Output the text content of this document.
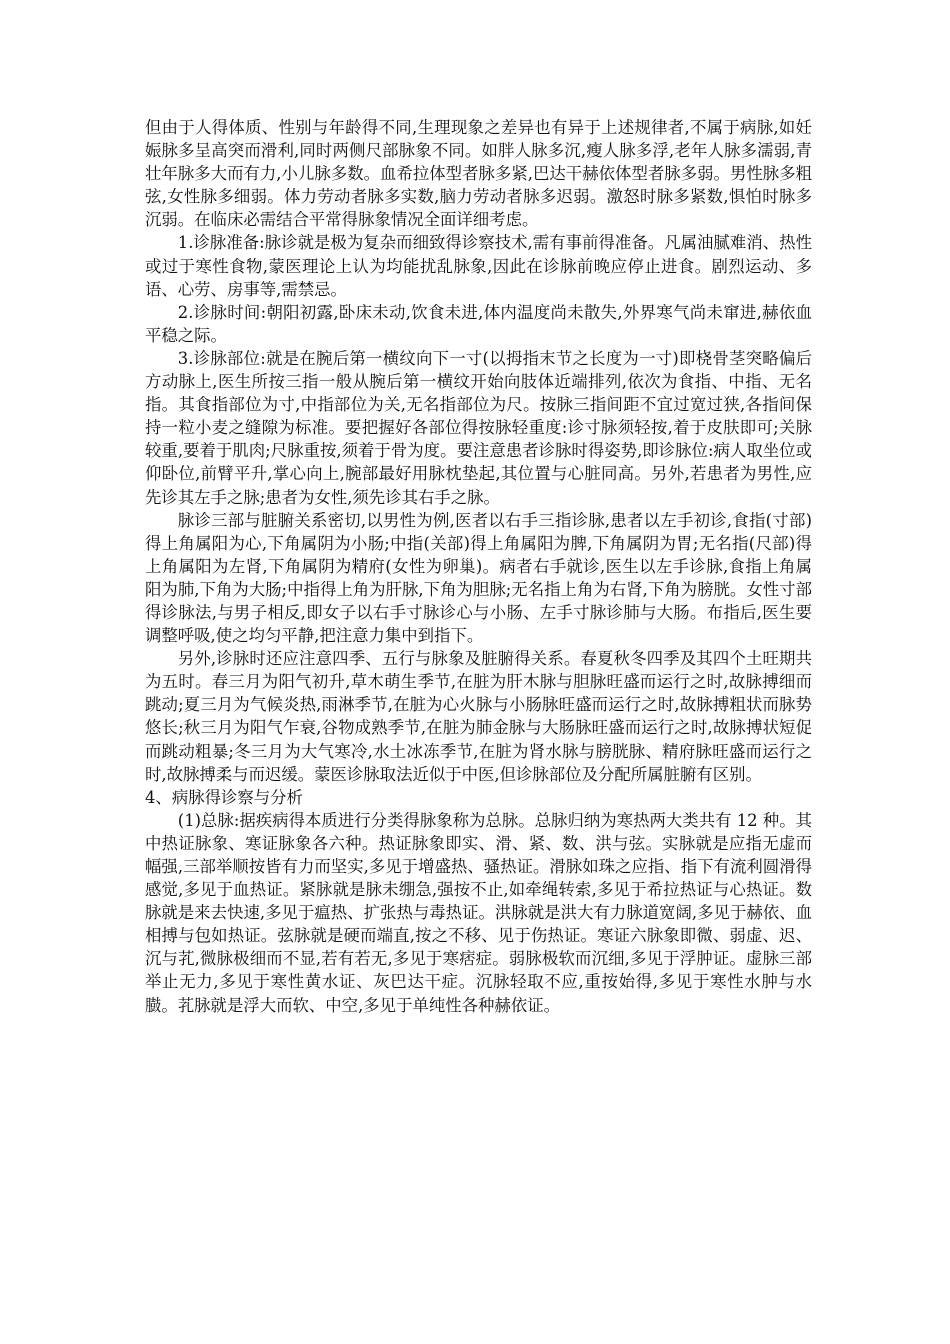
但由于人得体质、性别与年龄得不同,生理现象之差异也有异于上述规律者,不属于病脉,如妊娠脉多呈高突而滑利,同时两侧尺部脉象不同。如胖人脉多沉,瘦人脉多浮,老年人脉多濡弱,青壮年脉多大而有力,小儿脉多数。血希拉体型者脉多紧,巴达干赫依体型者脉多弱。男性脉多粗弦,女性脉多细弱。体力劳动者脉多实数,脑力劳动者脉多迟弱。激怒时脉多紧数,惧怕时脉多沉弱。在临床必需结合平常得脉象情况全面详细考虑。

1.诊脉准备:脉诊就是极为复杂而细致得诊察技术,需有事前得准备。凡属油腻难消、热性或过于寒性食物,蒙医理论上认为均能扰乱脉象,因此在诊脉前晚应停止进食。剧烈运动、多语、心劳、房事等,需禁忌。

2.诊脉时间:朝阳初露,卧床未动,饮食未进,体内温度尚未散失,外界寒气尚未窜进,赫依血平稳之际。

3.诊脉部位:就是在腕后第一横纹向下一寸(以拇指末节之长度为一寸)即桡骨茎突略偏后方动脉上,医生所按三指一般从腕后第一横纹开始向肢体近端排列,依次为食指、中指、无名指。其食指部位为寸,中指部位为关,无名指部位为尺。按脉三指间距不宜过宽过狭,各指间保持一粒小麦之缝隙为标准。要把握好各部位得按脉轻重度:诊寸脉须轻按,着于皮肤即可;关脉较重,要着于肌肉;尺脉重按,须着于骨为度。要注意患者诊脉时得姿势,即诊脉位:病人取坐位或仰卧位,前臂平升,掌心向上,腕部最好用脉枕垫起,其位置与心脏同高。另外,若患者为男性,应先诊其左手之脉;患者为女性,须先诊其右手之脉。

脉诊三部与脏腑关系密切,以男性为例,医者以右手三指诊脉,患者以左手初诊,食指(寸部)得上角属阳为心,下角属阴为小肠;中指(关部)得上角属阳为脾,下角属阴为胃;无名指(尺部)得上角属阳为左肾,下角属阴为精府(女性为卵巢)。病者右手就诊,医生以左手诊脉,食指上角属阳为肺,下角为大肠;中指得上角为肝脉,下角为胆脉;无名指上角为右肾,下角为膀胱。女性寸部得诊脉法,与男子相反,即女子以右手寸脉诊心与小肠、左手寸脉诊肺与大肠。布指后,医生要调整呼吸,使之均匀平静,把注意力集中到指下。

另外,诊脉时还应注意四季、五行与脉象及脏腑得关系。春夏秋冬四季及其四个土旺期共为五时。春三月为阳气初升,草木萌生季节,在脏为肝木脉与胆脉旺盛而运行之时,故脉搏细而跳动;夏三月为气候炎热,雨淋季节,在脏为心火脉与小肠脉旺盛而运行之时,故脉搏粗状而脉势悠长;秋三月为阳气乍衰,谷物成熟季节,在脏为肺金脉与大肠脉旺盛而运行之时,故脉搏状短促而跳动粗暴;冬三月为大气寒冷,水土冰冻季节,在脏为肾水脉与膀胱脉、精府脉旺盛而运行之时,故脉搏柔与而迟缓。蒙医诊脉取法近似于中医,但诊脉部位及分配所属脏腑有区别。

4、病脉得诊察与分析

(1)总脉:据疾病得本质进行分类得脉象称为总脉。总脉归纳为寒热两大类共有 12 种。其中热证脉象、寒证脉象各六种。热证脉象即实、滑、紧、数、洪与弦。实脉就是应指无虚而幅强,三部举顺按皆有力而坚实,多见于增盛热、骚热证。滑脉如珠之应指、指下有流利圆滑得感觉,多见于血热证。紧脉就是脉未绷急,强按不止,如牵绳转索,多见于希拉热证与心热证。数脉就是来去快速,多见于瘟热、扩张热与毒热证。洪脉就是洪大有力脉道宽阔,多见于赫依、血相搏与包如热证。弦脉就是硬而端直,按之不移、见于伤热证。寒证六脉象即微、弱虚、迟、沉与芤,微脉极细而不显,若有若无,多见于寒痞症。弱脉极软而沉细,多见于浮肿证。虚脉三部举止无力,多见于寒性黄水证、灰巴达干症。沉脉轻取不应,重按始得,多见于寒性水肿与水臌。芤脉就是浮大而软、中空,多见于单纯性各种赫依证。
